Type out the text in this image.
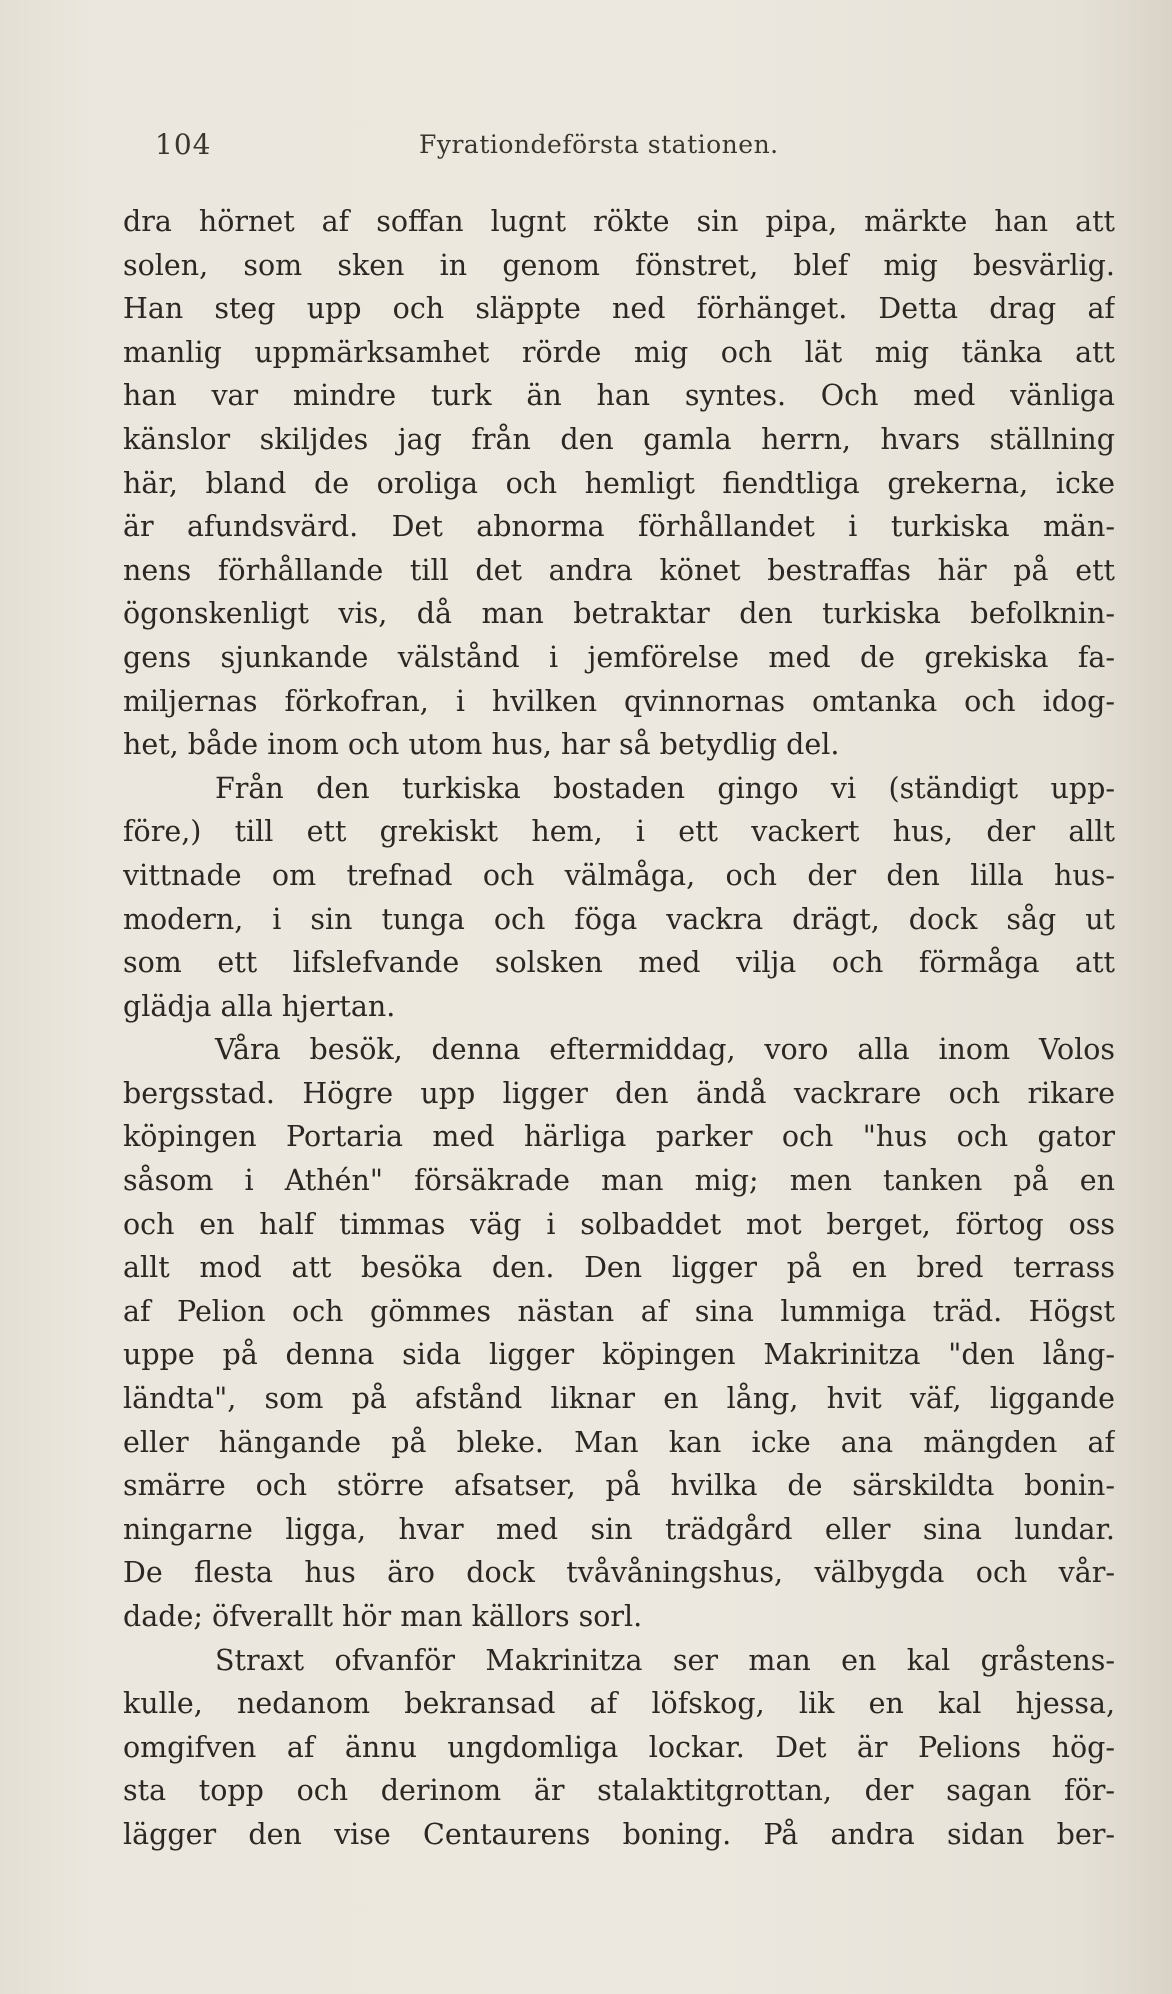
104	Fyrationdeförsta stationen.
dra hörnet af soffan lugnt rökte sin pipa, märkte han att
solen, som sken in genom fönstret, blef mig besvärlig.
Han steg upp och släppte ned förhänget. Detta drag af
manlig uppmärksamhet rörde mig och lät mig tänka att
han var mindre turk än han syntes. Och med vänliga
känslor skiljdes jag från den gamla herrn, hvars ställning
här, bland de oroliga och hemligt fiendtliga grekerna, icke
är afundsvärd. Det abnorma förhållandet i turkiska män-
nens förhållande till det andra könet bestraffas här på ett
ögonskenligt vis, då man betraktar den turkiska befolknin-
gens sjunkande välstånd i jemförelse med de grekiska fa-
miljernas förkofran, i hvilken qvinnornas omtanka och idog-
het, både inom och utom hus, har så betydlig del.
Från den turkiska bostaden gingo vi (ständigt upp-
före,) till ett grekiskt hem, i ett vackert hus, der allt
vittnade om trefnad och välmåga, och der den lilla hus-
modern, i sin tunga och föga vackra drägt, dock såg ut
som ett lifslefvande solsken med vilja och förmåga att
glädja alla hjertan.
Våra besök, denna eftermiddag, voro alla inom Volos
bergsstad. Högre upp ligger den ändå vackrare och rikare
köpingen Portaria med härliga parker och "hus och gator
såsom i Athén" försäkrade man mig; men tanken på en
och en half timmas väg i solbaddet mot berget, förtog oss
allt mod att besöka den. Den ligger på en bred terrass
af Pelion och gömmes nästan af sina lummiga träd. Högst
uppe på denna sida ligger köpingen Makrinitza "den lång-
ländta", som på afstånd liknar en lång, hvit väf, liggande
eller hängande på bleke. Man kan icke ana mängden af
smärre och större afsatser, på hvilka de särskildta bonin-
ningarne ligga, hvar med sin trädgård eller sina lundar.
De flesta hus äro dock tvåvåningshus, välbygda och vår-
dade; öfverallt hör man källors sorl.
Straxt ofvanför Makrinitza ser man en kal gråstens-
kulle, nedanom bekransad af löfskog, lik en kal hjessa,
omgifven af ännu ungdomliga lockar. Det är Pelions hög-
sta topp och derinom är stalaktitgrottan, der sagan för-
lägger den vise Centaurens boning. På andra sidan ber-
